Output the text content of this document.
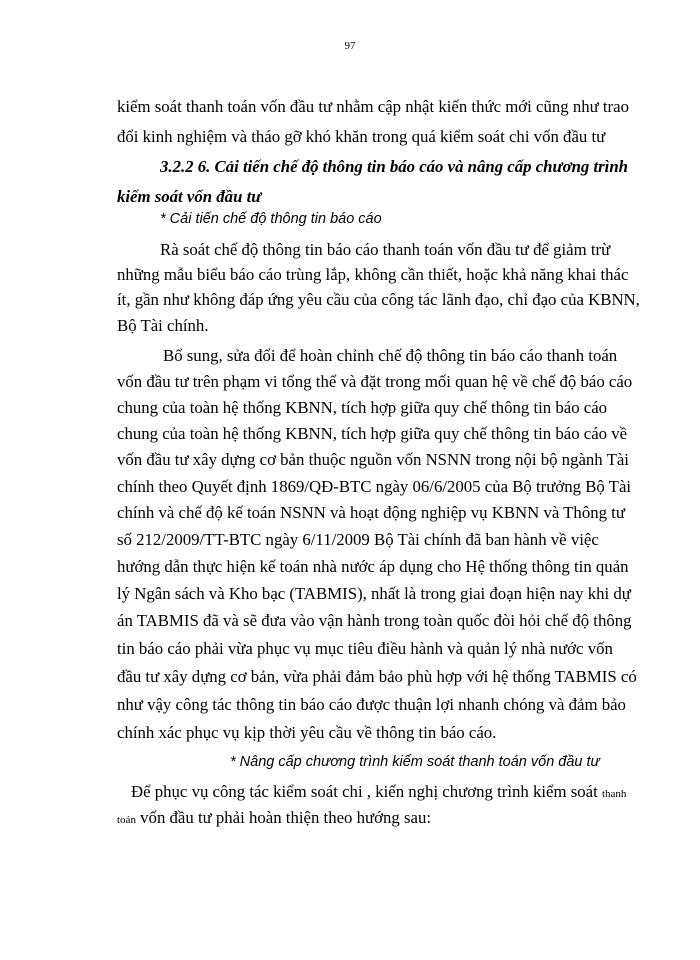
97
kiểm soát thanh toán vốn đầu tư nhằm cập nhật kiến thức mới cũng như trao
đổi kinh nghiệm và tháo gỡ khó khăn trong quá kiểm soát chi vốn đầu tư
3.2.2 6. Cải tiến chế độ thông tin báo cáo và nâng cấp chương trình
kiểm soát vốn đầu tư
* Cải tiến chế độ thông tin báo cáo
Rà soát chế độ thông tin báo cáo thanh toán vốn đầu tư để giảm trừ
những mẫu biểu báo cáo trùng lắp, không cần thiết, hoặc khả năng khai thác
ít, gần như không đáp ứng yêu cầu của công tác lãnh đạo, chỉ đạo của KBNN,
Bộ Tài chính.
Bổ sung, sửa đổi để hoàn chỉnh chế độ thông tin báo cáo thanh toán
vốn đầu tư trên phạm vi tổng thể và đặt trong mối quan hệ về chế độ báo cáo
chung của toàn hệ thống KBNN, tích hợp giữa quy chế thông tin báo cáo
chung của toàn hệ thống KBNN, tích hợp giữa quy chế thông tin báo cáo về
vốn đầu tư xây dựng cơ bản thuộc nguồn vốn NSNN trong nội bộ ngành Tài
chính theo Quyết định 1869/QĐ-BTC ngày 06/6/2005 của Bộ trưởng Bộ Tài
chính và chế độ kế toán NSNN và hoạt động nghiệp vụ KBNN và Thông tư
số 212/2009/TT-BTC ngày 6/11/2009 Bộ Tài chính đã ban hành về việc
hướng dẫn thực hiện kế toán nhà nước áp dụng cho Hệ thống thông tin quản
lý Ngân sách và Kho bạc (TABMIS), nhất là trong giai đoạn hiện nay khi dự
án TABMIS đã và sẽ đưa vào vận hành trong toàn quốc đòi hỏi chế độ thông
tin báo cáo phải vừa phục vụ mục tiêu điều hành và quản lý nhà nước vốn
đầu tư xây dựng cơ bản, vừa phải đảm bảo phù hợp với hệ thống TABMIS có
như vậy công tác thông tin báo cáo được thuận lợi nhanh chóng và đảm bảo
chính xác phục vụ kịp thời yêu cầu về thông tin báo cáo.
* Nâng cấp chương trình kiểm soát thanh toán vốn đầu tư
Để phục vụ công tác kiểm soát chi , kiến nghị chương trình kiểm soát thanh
toán vốn đầu tư phải hoàn thiện theo hướng sau:
